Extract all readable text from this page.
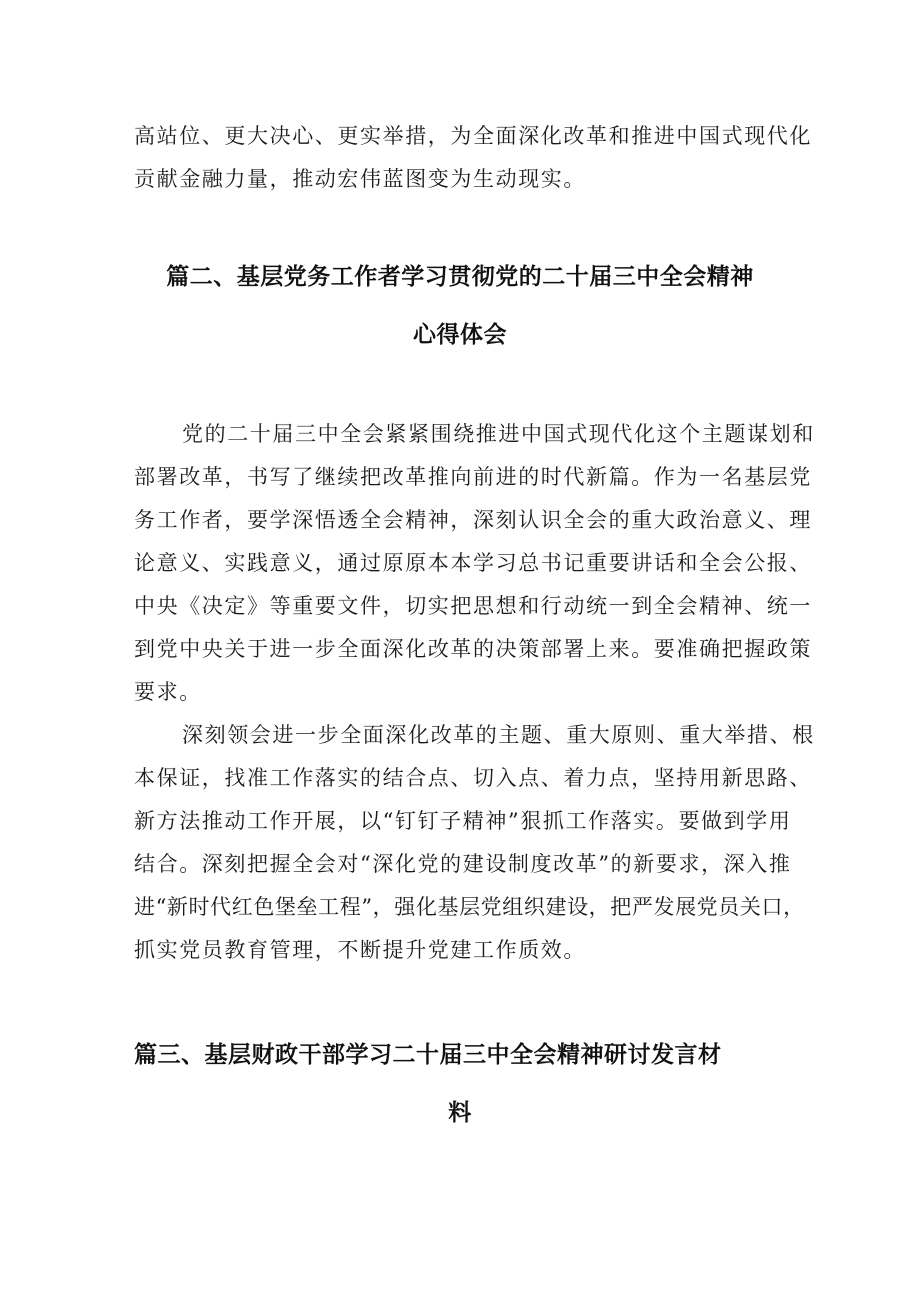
高站位、更大决心、更实举措，为全面深化改革和推进中国式现代化

贡献金融力量，推动宏伟蓝图变为生动现实。

篇二、基层党务工作者学习贯彻党的二十届三中全会精神
心得体会

党的二十届三中全会紧紧围绕推进中国式现代化这个主题谋划和

部署改革，书写了继续把改革推向前进的时代新篇。作为一名基层党

务工作者，要学深悟透全会精神，深刻认识全会的重大政治意义、理

论意义、实践意义，通过原原本本学习总书记重要讲话和全会公报、

中央《决定》等重要文件，切实把思想和行动统一到全会精神、统一

到党中央关于进一步全面深化改革的决策部署上来。要准确把握政策

要求。

深刻领会进一步全面深化改革的主题、重大原则、重大举措、根

本保证，找准工作落实的结合点、切入点、着力点，坚持用新思路、

新方法推动工作开展，以“钉钉子精神”狠抓工作落实。要做到学用

结合。深刻把握全会对“深化党的建设制度改革”的新要求，深入推

进“新时代红色堡垒工程”，强化基层党组织建设，把严发展党员关口，

抓实党员教育管理，不断提升党建工作质效。

篇三、基层财政干部学习二十届三中全会精神研讨发言材
料
